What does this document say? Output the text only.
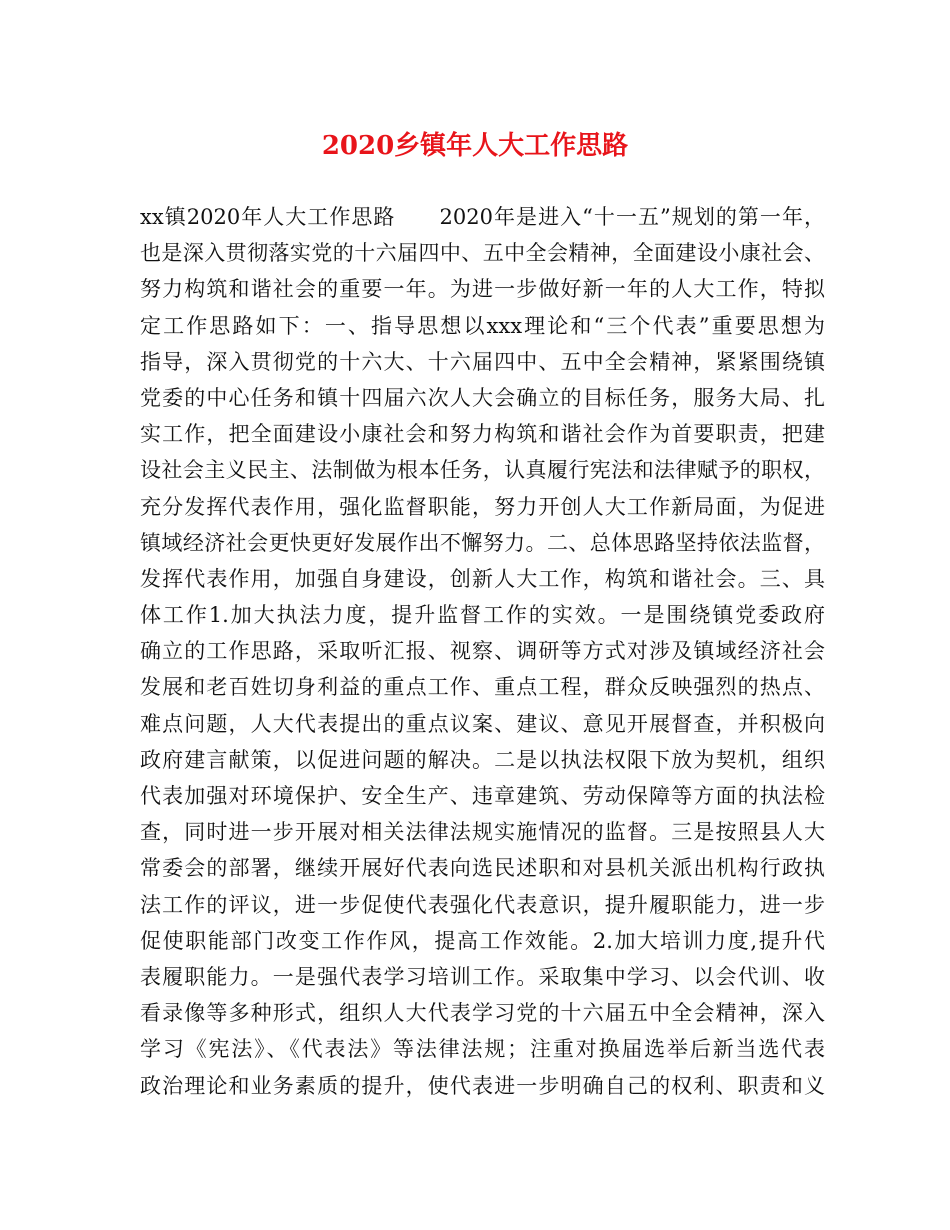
2020乡镇年人大工作思路
xx镇2020年人大工作思路　　2020年是进入“十一五”规划的第一年，
也是深入贯彻落实党的十六届四中、五中全会精神，全面建设小康社会、
努力构筑和谐社会的重要一年。为进一步做好新一年的人大工作，特拟
定工作思路如下：一、指导思想以xxx理论和“三个代表”重要思想为
指导，深入贯彻党的十六大、十六届四中、五中全会精神，紧紧围绕镇
党委的中心任务和镇十四届六次人大会确立的目标任务，服务大局、扎
实工作，把全面建设小康社会和努力构筑和谐社会作为首要职责，把建
设社会主义民主、法制做为根本任务，认真履行宪法和法律赋予的职权，
充分发挥代表作用，强化监督职能，努力开创人大工作新局面，为促进
镇域经济社会更快更好发展作出不懈努力。二、总体思路坚持依法监督，
发挥代表作用，加强自身建设，创新人大工作，构筑和谐社会。三、具
体工作1.加大执法力度，提升监督工作的实效。一是围绕镇党委政府
确立的工作思路，采取听汇报、视察、调研等方式对涉及镇域经济社会
发展和老百姓切身利益的重点工作、重点工程，群众反映强烈的热点、
难点问题，人大代表提出的重点议案、建议、意见开展督查，并积极向
政府建言献策，以促进问题的解决。二是以执法权限下放为契机，组织
代表加强对环境保护、安全生产、违章建筑、劳动保障等方面的执法检
查，同时进一步开展对相关法律法规实施情况的监督。三是按照县人大
常委会的部署，继续开展好代表向选民述职和对县机关派出机构行政执
法工作的评议，进一步促使代表强化代表意识，提升履职能力，进一步
促使职能部门改变工作作风，提高工作效能。2.加大培训力度,提升代
表履职能力。一是强代表学习培训工作。采取集中学习、以会代训、收
看录像等多种形式，组织人大代表学习党的十六届五中全会精神，深入
学习《宪法》、《代表法》等法律法规；注重对换届选举后新当选代表
政治理论和业务素质的提升，使代表进一步明确自己的权利、职责和义
